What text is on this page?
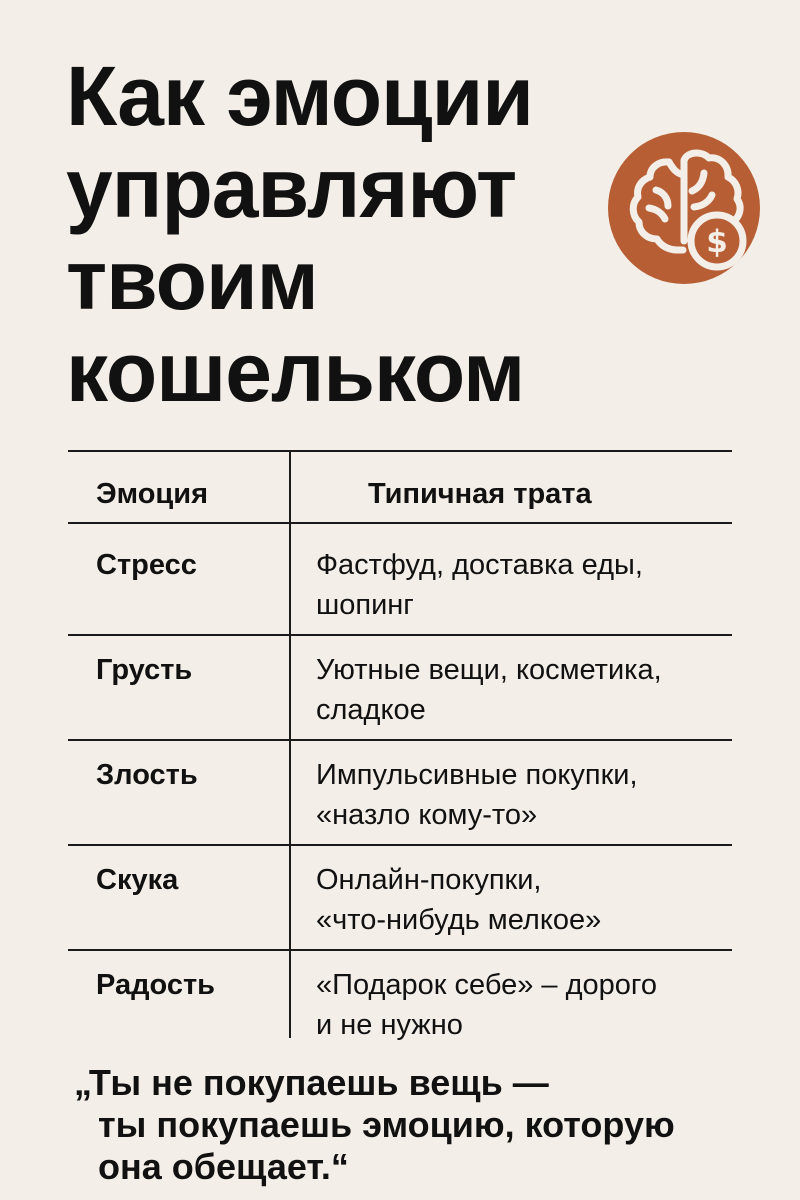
Как эмоции
управляют
твоим
кошельком
$
Эмоция	Типичная трата
Стресс	Фастфуд, доставка еды,
шопинг
Грусть	Уютные вещи, косметика,
сладкое
Злость	Импульсивные покупки,
«назло кому-то»
Скука	Онлайн-покупки,
«что-нибудь мелкое»
Радость	«Подарок себе» – дорого
и не нужно

„Ты не покупаешь вещь —
ты покупаешь эмоцию, которую
она обещает.“
